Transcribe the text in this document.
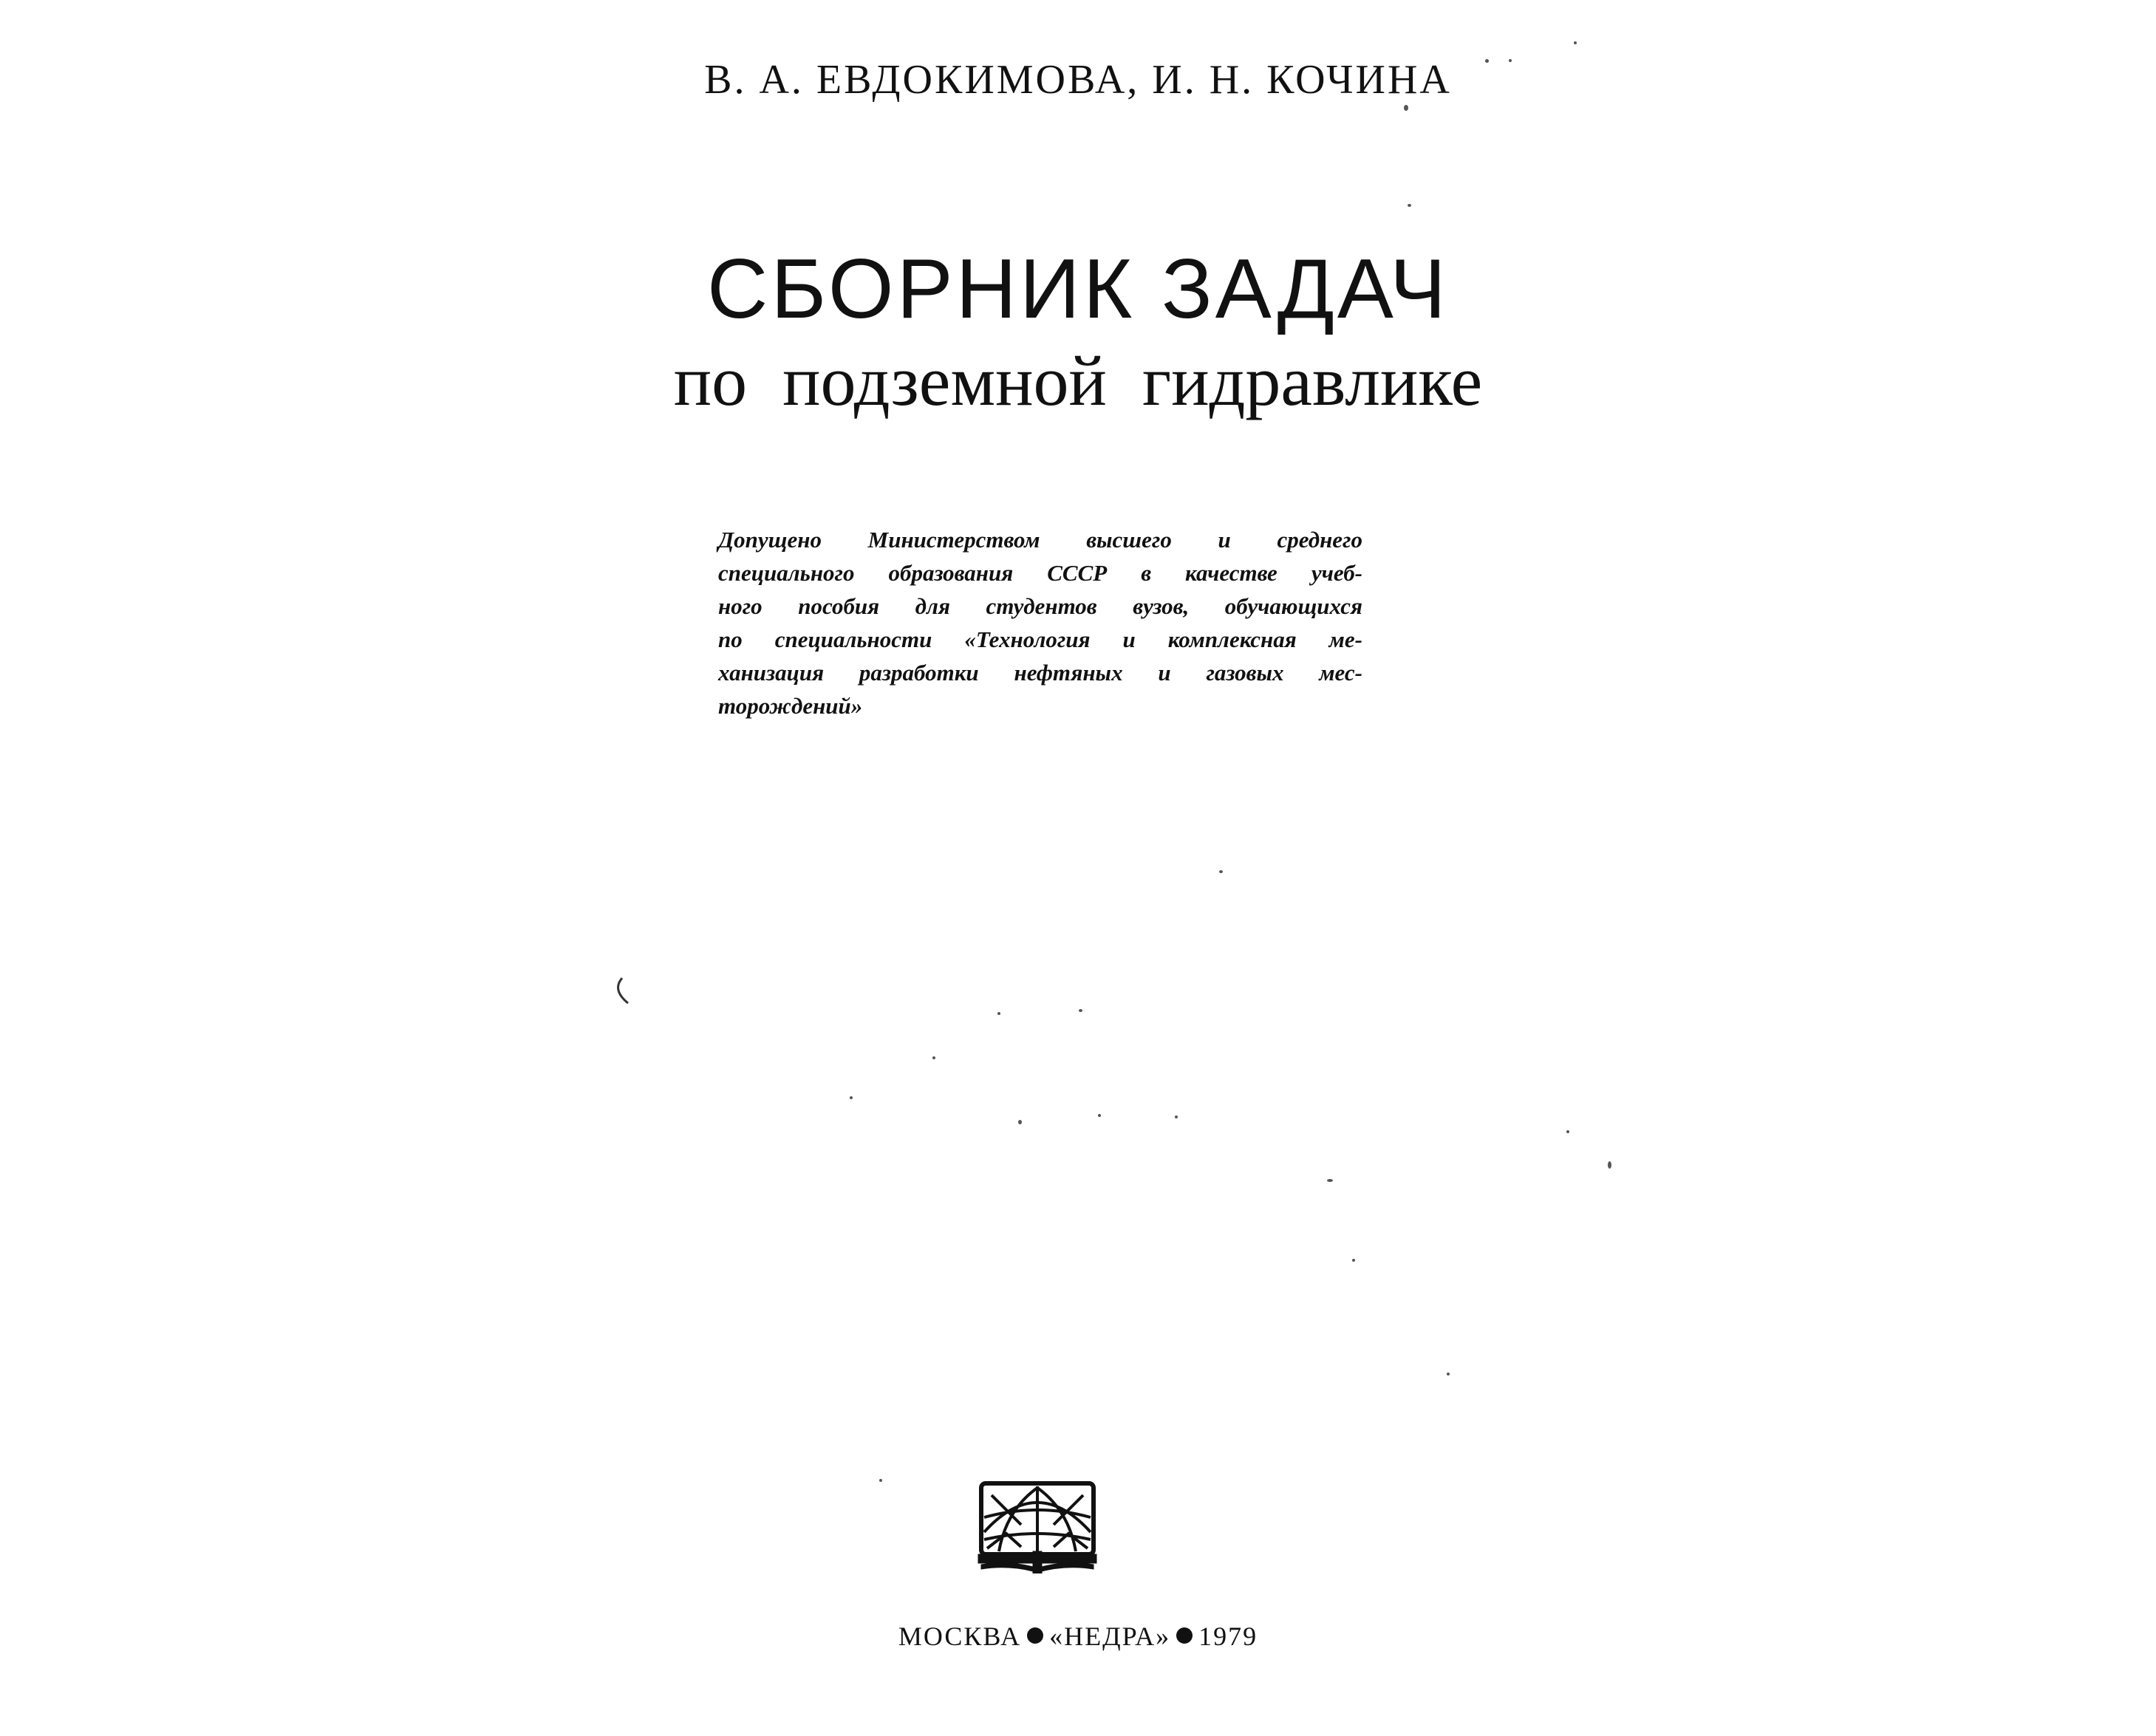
В. А. ЕВДОКИМОВА, И. Н. КОЧИНА
СБОРНИК ЗАДАЧ
по подземной гидравлике
Допущено Министерством высшего и среднего
специального образования СССР в качестве учеб-
ного пособия для студентов вузов, обучающихся
по специальности «Технология и комплексная ме-
ханизация разработки нефтяных и газовых мес-
торождений»
МОСКВА «НЕДРА» 1979
